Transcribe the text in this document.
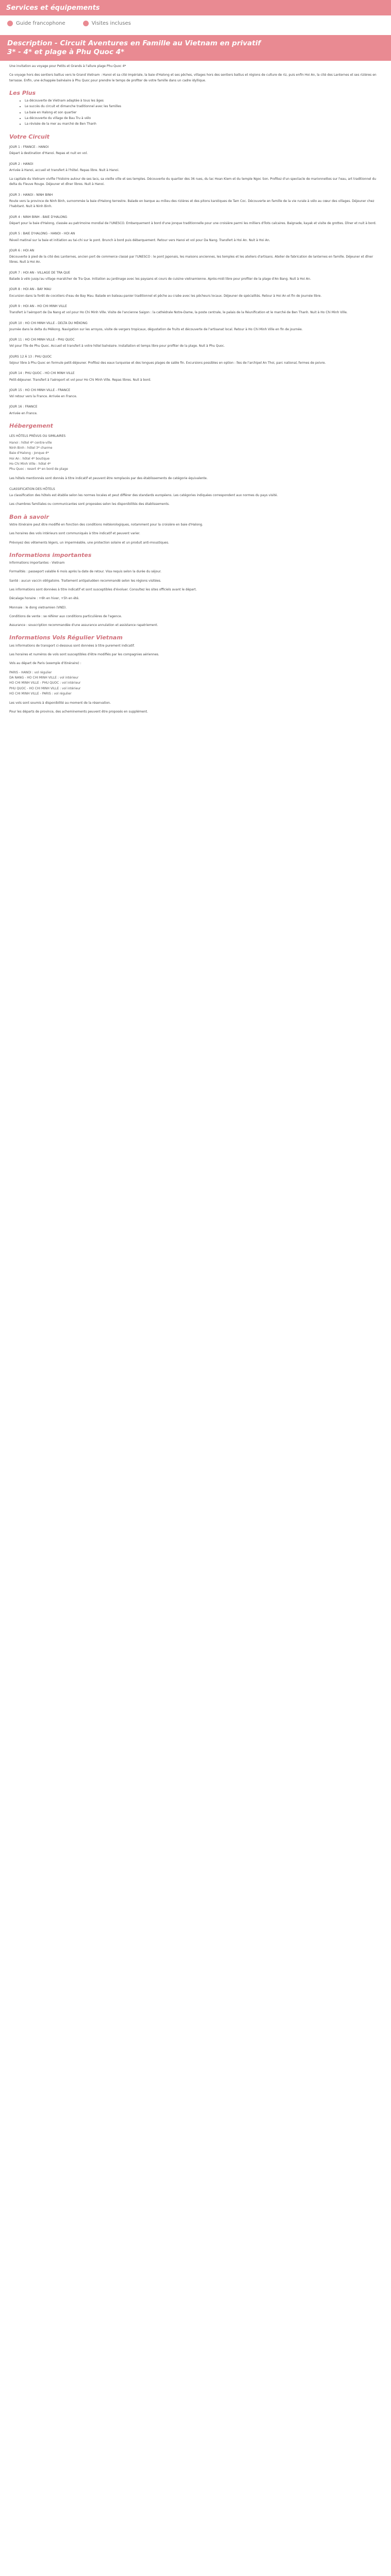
Services et équipements
Guide francophone	Visites incluses
Description - Circuit Aventures en Famille au Vietnam en privatif
3* - 4* et plage à Phu Quoc 4*

Une invitation au voyage pour Petits et Grands à l'allure plage Phu Quoc 4*

Ce voyage hors des sentiers battus vers le Grand Vietnam : Hanoi et sa cité Impériale, la baie d'Halong et ses pêches, villages hors des sentiers battus et régions de culture de riz, puis enfin Hoi An, la cité des Lanternes et ses rizières en terrasse. Enfin, une échappée balnéaire à Phu Quoc pour prendre le temps de profiter de votre famille dans un cadre idyllique.

Les Plus
• La découverte de Vietnam adaptée à tous les âges
• Le succès du circuit et dimanche traditionnel avec les familles
• La baie en Halong et son quartier
• La découverte du village de Bau Tru à vélo
• La révisée de la mer au marché de Ben Thanh
Votre Circuit
JOUR 1 : FRANCE - HANOI

Départ à destination d'Hanoi. Repas et nuit en vol.

JOUR 2 : HANOI

Arrivée à Hanoi, accueil et transfert à l'hôtel. Repas libre. Nuit à Hanoi.

La capitale du Vietnam vivifie l'histoire autour de ses lacs, sa vieille ville et ses temples. Découverte du quartier des 36 rues, du lac Hoan Kiem et du temple Ngoc Son. Profitez d'un spectacle de marionnettes sur l'eau, art traditionnel du delta du Fleuve Rouge. Déjeuner et dîner libres. Nuit à Hanoi.

JOUR 3 : HANOI - NINH BINH

Route vers la province de Ninh Binh, surnommée la baie d'Halong terrestre. Balade en barque au milieu des rizières et des pitons karstiques de Tam Coc. Découverte en famille de la vie rurale à vélo au cœur des villages. Déjeuner chez l'habitant. Nuit à Ninh Binh.

JOUR 4 : NINH BINH - BAIE D'HALONG

Départ pour la baie d'Halong, classée au patrimoine mondial de l'UNESCO. Embarquement à bord d'une jonque traditionnelle pour une croisière parmi les milliers d'îlots calcaires. Baignade, kayak et visite de grottes. Dîner et nuit à bord.

JOUR 5 : BAIE D'HALONG - HANOI - HOI AN

Réveil matinal sur la baie et initiation au tai-chi sur le pont. Brunch à bord puis débarquement. Retour vers Hanoi et vol pour Da Nang. Transfert à Hoi An. Nuit à Hoi An.

JOUR 6 : HOI AN

Découverte à pied de la cité des Lanternes, ancien port de commerce classé par l'UNESCO : le pont japonais, les maisons anciennes, les temples et les ateliers d'artisans. Atelier de fabrication de lanternes en famille. Déjeuner et dîner libres. Nuit à Hoi An.

JOUR 7 : HOI AN - VILLAGE DE TRA QUE

Balade à vélo jusqu'au village maraîcher de Tra Que. Initiation au jardinage avec les paysans et cours de cuisine vietnamienne. Après-midi libre pour profiter de la plage d'An Bang. Nuit à Hoi An.

JOUR 8 : HOI AN - BAY MAU

Excursion dans la forêt de cocotiers d'eau de Bay Mau. Balade en bateau-panier traditionnel et pêche au crabe avec les pêcheurs locaux. Déjeuner de spécialités. Retour à Hoi An et fin de journée libre.

JOUR 9 : HOI AN - HO CHI MINH VILLE

Transfert à l'aéroport de Da Nang et vol pour Ho Chi Minh Ville. Visite de l'ancienne Saigon : la cathédrale Notre-Dame, la poste centrale, le palais de la Réunification et le marché de Ben Thanh. Nuit à Ho Chi Minh Ville.

JOUR 10 : HO CHI MINH VILLE - DELTA DU MÉKONG

Journée dans le delta du Mékong. Navigation sur les arroyos, visite de vergers tropicaux, dégustation de fruits et découverte de l'artisanat local. Retour à Ho Chi Minh Ville en fin de journée.

JOUR 11 : HO CHI MINH VILLE - PHU QUOC

Vol pour l'île de Phu Quoc. Accueil et transfert à votre hôtel balnéaire. Installation et temps libre pour profiter de la plage. Nuit à Phu Quoc.

JOURS 12 À 13 : PHU QUOC

Séjour libre à Phu Quoc en formule petit-déjeuner. Profitez des eaux turquoise et des longues plages de sable fin. Excursions possibles en option : îles de l'archipel An Thoi, parc national, fermes de poivre.

JOUR 14 : PHU QUOC - HO CHI MINH VILLE

Petit-déjeuner. Transfert à l'aéroport et vol pour Ho Chi Minh Ville. Repas libres. Nuit à bord.

JOUR 15 : HO CHI MINH VILLE - FRANCE

Vol retour vers la France. Arrivée en France.

JOUR 16 : FRANCE

Arrivée en France.

Hébergement
LES HÔTELS PRÉVUS OU SIMILAIRES
Hanoi : hôtel 4* centre-ville
Ninh Binh : hôtel 3* charme
Baie d'Halong : jonque 4*
Hoi An : hôtel 4* boutique
Ho Chi Minh Ville : hôtel 4*
Phu Quoc : resort 4* en bord de plage

Les hôtels mentionnés sont donnés à titre indicatif et peuvent être remplacés par des établissements de catégorie équivalente.

CLASSIFICATION DES HÔTELS

La classification des hôtels est établie selon les normes locales et peut différer des standards européens. Les catégories indiquées correspondent aux normes du pays visité.

Les chambres familiales ou communicantes sont proposées selon les disponibilités des établissements.

Bon à savoir

Votre itinéraire peut être modifié en fonction des conditions météorologiques, notamment pour la croisière en baie d'Halong.

Les horaires des vols intérieurs sont communiqués à titre indicatif et peuvent varier.

Prévoyez des vêtements légers, un imperméable, une protection solaire et un produit anti-moustiques.

Informations importantes

Informations importantes - Vietnam

Formalités : passeport valable 6 mois après la date de retour. Visa requis selon la durée du séjour.

Santé : aucun vaccin obligatoire. Traitement antipaludéen recommandé selon les régions visitées.

Les informations sont données à titre indicatif et sont susceptibles d'évoluer. Consultez les sites officiels avant le départ.

Décalage horaire : +6h en hiver, +5h en été.

Monnaie : le dong vietnamien (VND).

Conditions de vente : se référer aux conditions particulières de l'agence.

Assurance : souscription recommandée d'une assurance annulation et assistance rapatriement.

Informations Vols Régulier Vietnam

Les informations de transport ci-dessous sont données à titre purement indicatif.

Les horaires et numéros de vols sont susceptibles d'être modifiés par les compagnies aériennes.

Vols au départ de Paris (exemple d'itinéraire) :

PARIS - HANOI : vol régulier
DA NANG - HO CHI MINH VILLE : vol intérieur
HO CHI MINH VILLE - PHU QUOC : vol intérieur
PHU QUOC - HO CHI MINH VILLE : vol intérieur
HO CHI MINH VILLE - PARIS : vol régulier

Les vols sont soumis à disponibilité au moment de la réservation.

Pour les départs de province, des acheminements peuvent être proposés en supplément.
